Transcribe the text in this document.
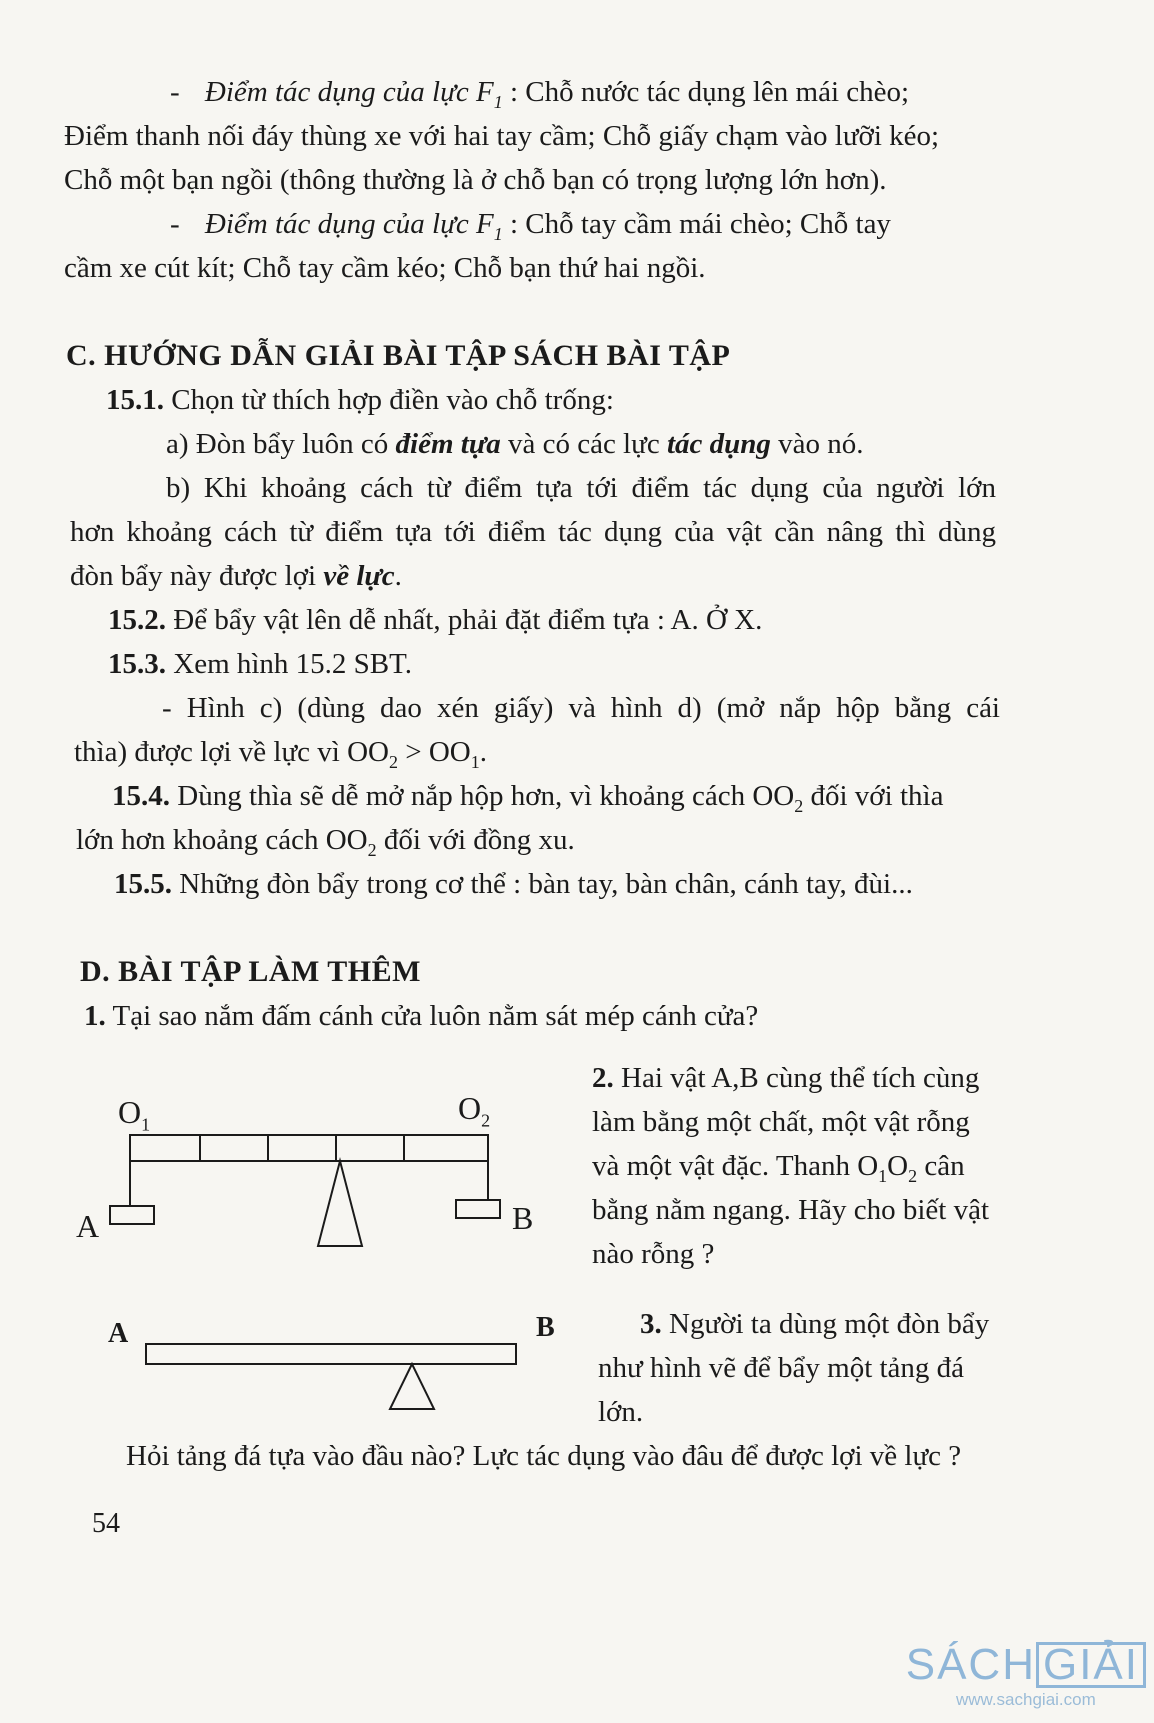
- Điểm tác dụng của lực $F_1$ : Chỗ nước tác dụng lên mái chèo;
Điểm thanh nối đáy thùng xe với hai tay cầm; Chỗ giấy chạm vào lưỡi kéo;
Chỗ một bạn ngồi (thông thường là ở chỗ bạn có trọng lượng lớn hơn).
- Điểm tác dụng của lực $F_1$ : Chỗ tay cầm mái chèo; Chỗ tay
cầm xe cút kít; Chỗ tay cầm kéo; Chỗ bạn thứ hai ngồi.
C. HƯỚNG DẪN GIẢI BÀI TẬP SÁCH BÀI TẬP
15.1. Chọn từ thích hợp điền vào chỗ trống:
a) Đòn bẩy luôn có điểm tựa và có các lực tác dụng vào nó.
b) Khi khoảng cách từ điểm tựa tới điểm tác dụng của người lớn
hơn khoảng cách từ điểm tựa tới điểm tác dụng của vật cần nâng thì dùng
đòn bẩy này được lợi về lực.
15.2. Để bẩy vật lên dễ nhất, phải đặt điểm tựa : A. Ở X.
15.3. Xem hình 15.2 SBT.
- Hình c) (dùng dao xén giấy) và hình d) (mở nắp hộp bằng cái
thìa) được lợi về lực vì $OO_2 > OO_1$.
15.4. Dùng thìa sẽ dễ mở nắp hộp hơn, vì khoảng cách $OO_2$ đối với thìa
lớn hơn khoảng cách $OO_2$ đối với đồng xu.
15.5. Những đòn bẩy trong cơ thể : bàn tay, bàn chân, cánh tay, đùi...
D. BÀI TẬP LÀM THÊM
1. Tại sao nắm đấm cánh cửa luôn nằm sát mép cánh cửa?
2. Hai vật A,B cùng thể tích cùng
làm bằng một chất, một vật rỗng
và một vật đặc. Thanh $O_1O_2$ cân
bằng nằm ngang. Hãy cho biết vật
nào rỗng ?
$O_1$	$O_2$
A	B
A	B	3. Người ta dùng một đòn bẩy
như hình vẽ để bẩy một tảng đá
lớn.
Hỏi tảng đá tựa vào đầu nào? Lực tác dụng vào đâu để được lợi về lực ?
54
SÁCH GIẢI
www.sachgiai.com
